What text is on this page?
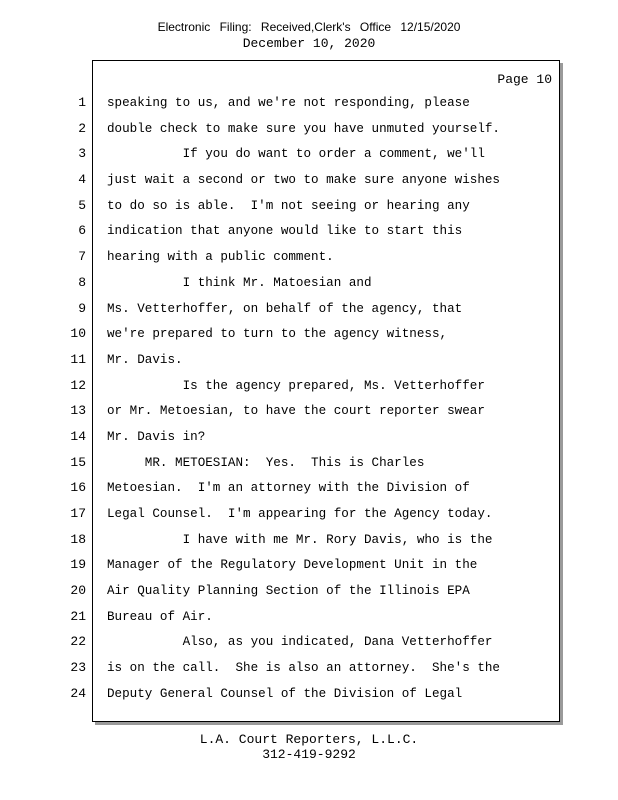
Electronic Filing: Received,Clerk's Office 12/15/2020
December 10, 2020
Page 10
1
2
3
4
5
6
7
8
9
10
11
12
13
14
15
16
17
18
19
20
21
22
23
24
speaking to us, and we're not responding, please
double check to make sure you have unmuted yourself.
If you do want to order a comment, we'll
just wait a second or two to make sure anyone wishes
to do so is able.  I'm not seeing or hearing any
indication that anyone would like to start this
hearing with a public comment.
I think Mr. Matoesian and
Ms. Vetterhoffer, on behalf of the agency, that
we're prepared to turn to the agency witness,
Mr. Davis.
Is the agency prepared, Ms. Vetterhoffer
or Mr. Metoesian, to have the court reporter swear
Mr. Davis in?
MR. METOESIAN:  Yes.  This is Charles
Metoesian.  I'm an attorney with the Division of
Legal Counsel.  I'm appearing for the Agency today.
I have with me Mr. Rory Davis, who is the
Manager of the Regulatory Development Unit in the
Air Quality Planning Section of the Illinois EPA
Bureau of Air.
Also, as you indicated, Dana Vetterhoffer
is on the call.  She is also an attorney.  She's the
Deputy General Counsel of the Division of Legal
L.A. Court Reporters, L.L.C.
312-419-9292
